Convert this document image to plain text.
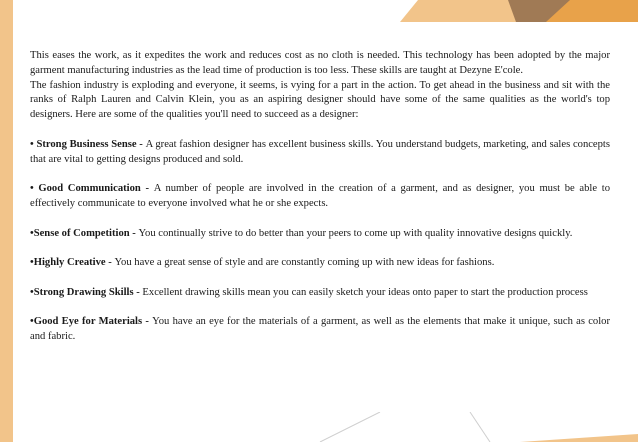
This eases the work, as it expedites the work and reduces cost as no cloth is needed. This technology has been adopted by the major garment manufacturing industries as the lead time of production is too less. These skills are taught at Dezyne E'cole.

The fashion industry is exploding and everyone, it seems, is vying for a part in the action. To get ahead in the business and sit with the ranks of Ralph Lauren and Calvin Klein, you as an aspiring designer should have some of the same qualities as the world's top designers. Here are some of the qualities you'll need to succeed as a designer:

• Strong Business Sense - A great fashion designer has excellent business skills. You understand budgets, marketing, and sales concepts that are vital to getting designs produced and sold.

• Good Communication - A number of people are involved in the creation of a garment, and as designer, you must be able to effectively communicate to everyone involved what he or she expects.

•Sense of Competition - You continually strive to do better than your peers to come up with quality innovative designs quickly.

•Highly Creative - You have a great sense of style and are constantly coming up with new ideas for fashions.

•Strong Drawing Skills - Excellent drawing skills mean you can easily sketch your ideas onto paper to start the production process

•Good Eye for Materials - You have an eye for the materials of a garment, as well as the elements that make it unique, such as color and fabric.
